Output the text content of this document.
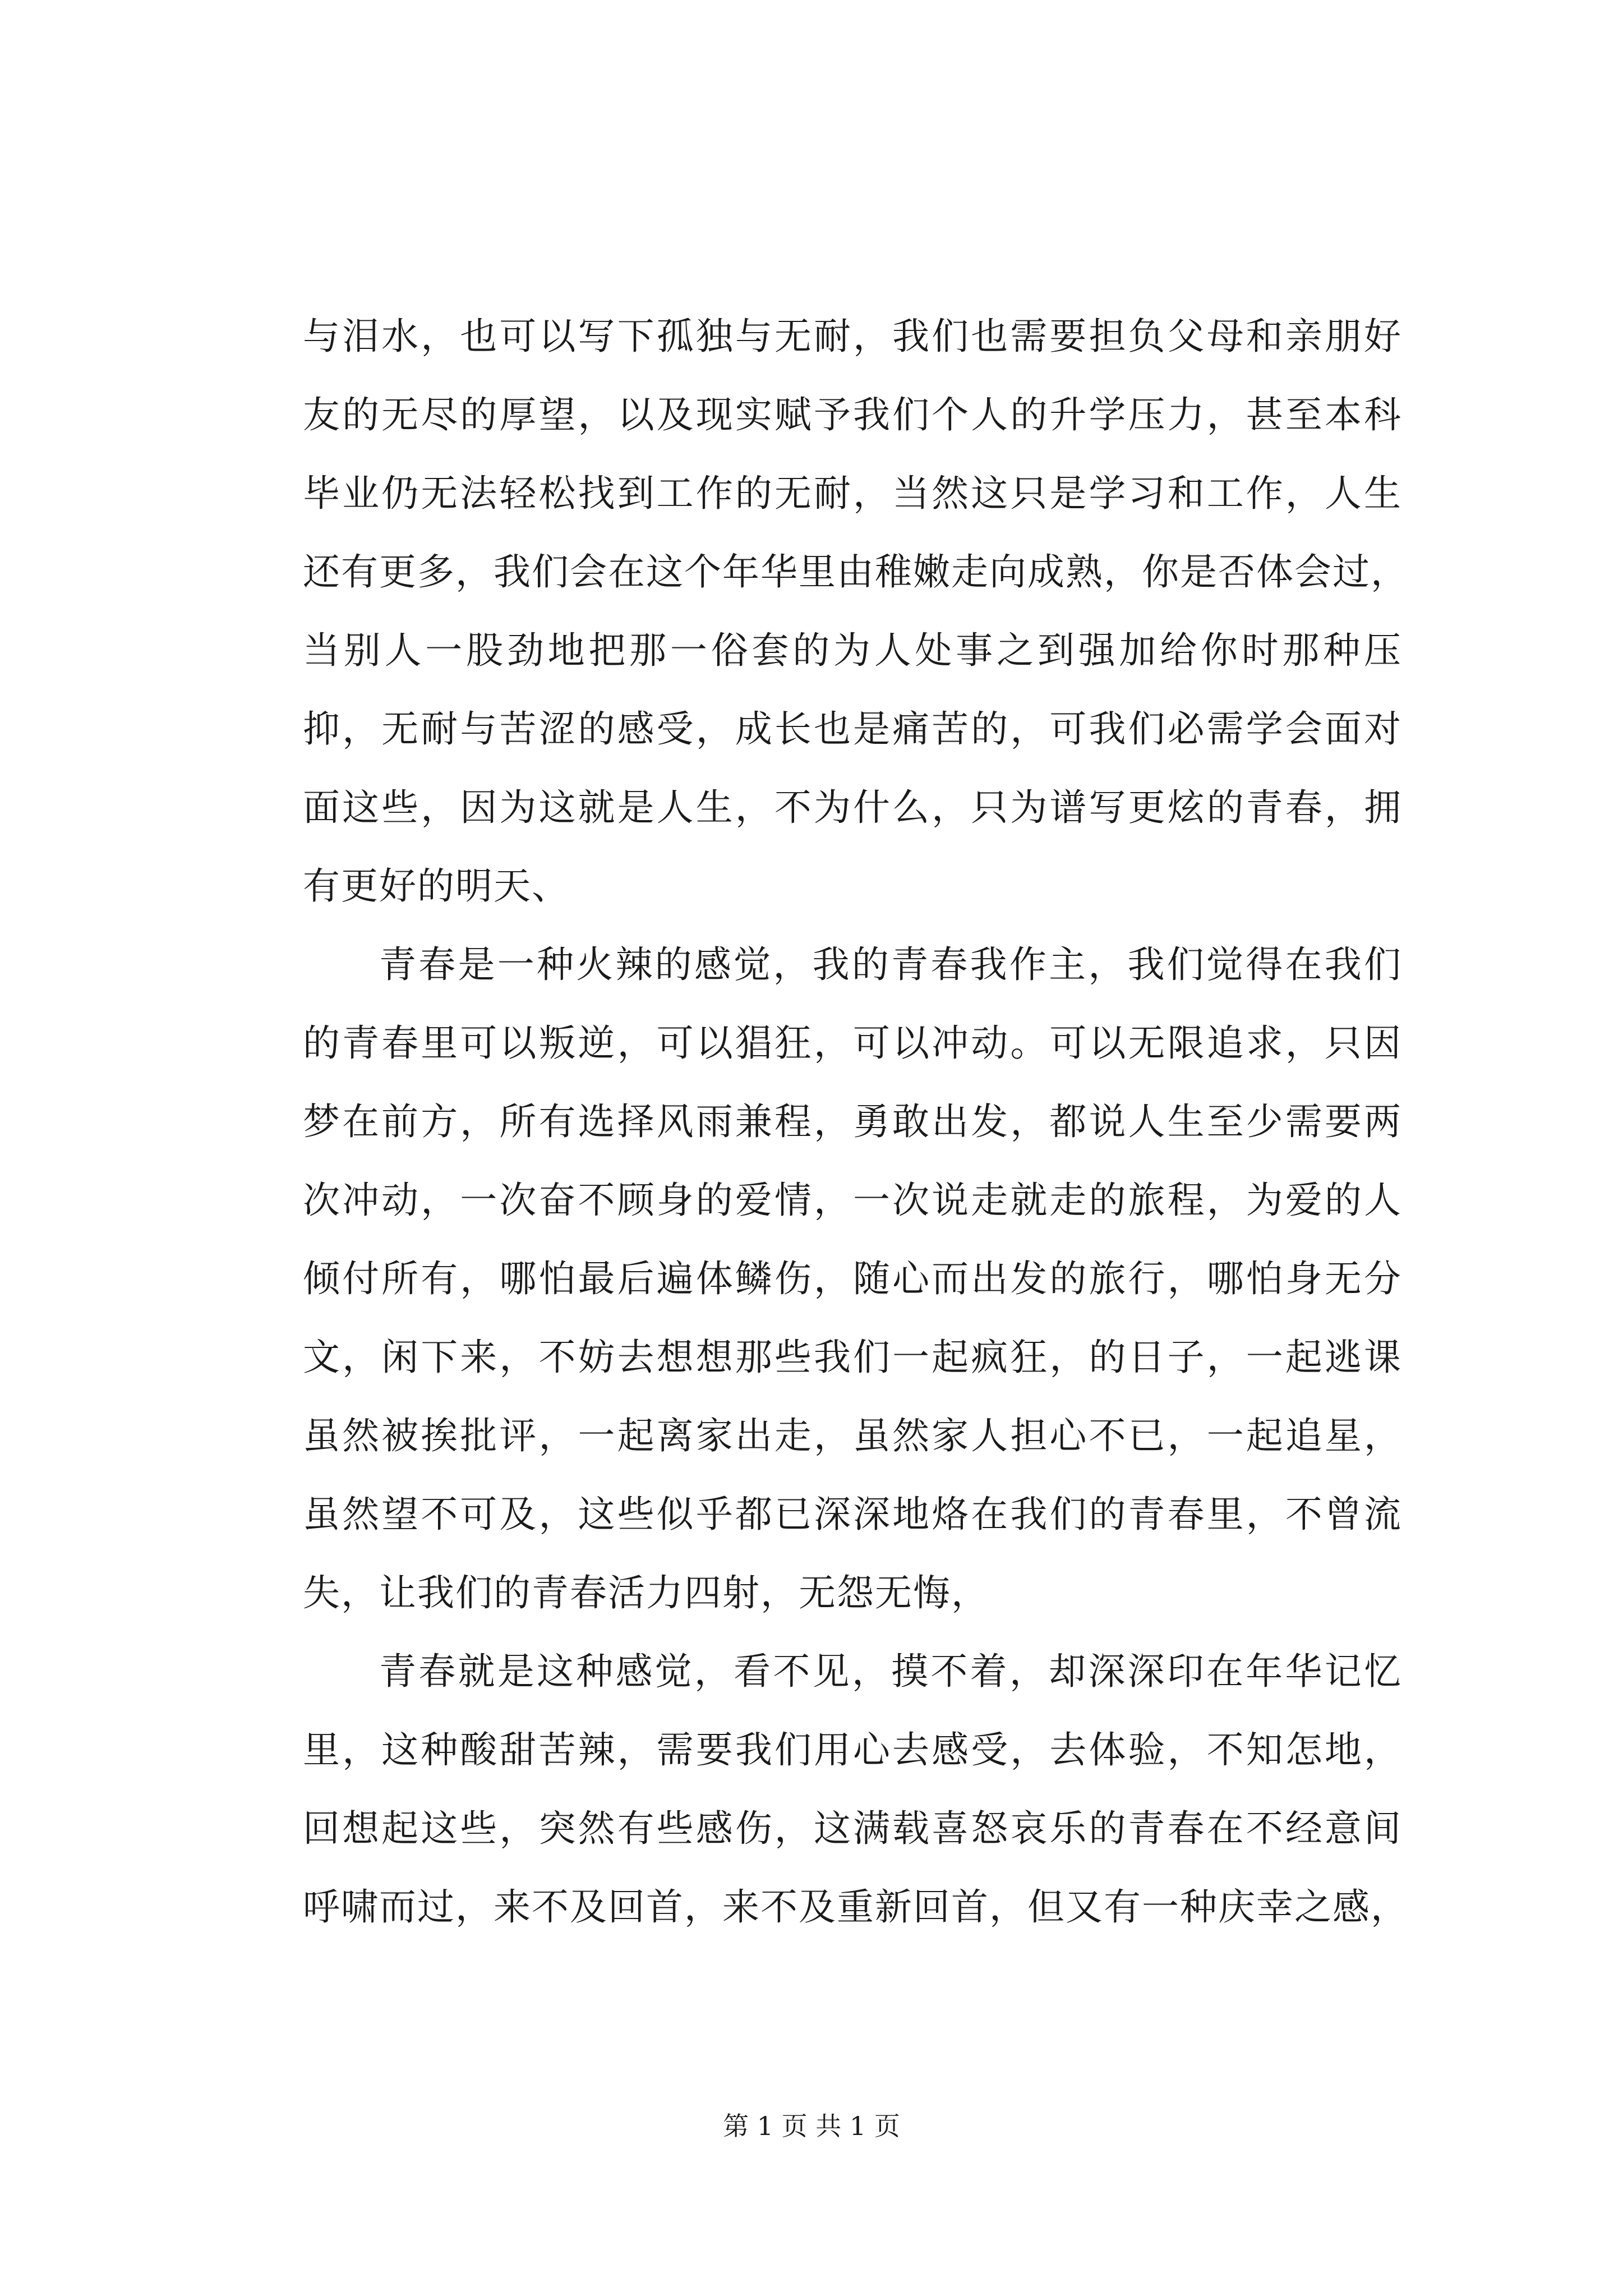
与泪水，也可以写下孤独与无耐，我们也需要担负父母和亲朋好
友的无尽的厚望，以及现实赋予我们个人的升学压力，甚至本科
毕业仍无法轻松找到工作的无耐，当然这只是学习和工作，人生
还有更多，我们会在这个年华里由稚嫩走向成熟，你是否体会过，
当别人一股劲地把那一俗套的为人处事之到强加给你时那种压
抑，无耐与苦涩的感受，成长也是痛苦的，可我们必需学会面对
面这些，因为这就是人生，不为什么，只为谱写更炫的青春，拥
有更好的明天、
青春是一种火辣的感觉，我的青春我作主，我们觉得在我们
的青春里可以叛逆，可以猖狂，可以冲动。可以无限追求，只因
梦在前方，所有选择风雨兼程，勇敢出发，都说人生至少需要两
次冲动，一次奋不顾身的爱情，一次说走就走的旅程，为爱的人
倾付所有，哪怕最后遍体鳞伤，随心而出发的旅行，哪怕身无分
文，闲下来，不妨去想想那些我们一起疯狂，的日子，一起逃课
虽然被挨批评，一起离家出走，虽然家人担心不已，一起追星，
虽然望不可及，这些似乎都已深深地烙在我们的青春里，不曾流
失，让我们的青春活力四射，无怨无悔，
青春就是这种感觉，看不见，摸不着，却深深印在年华记忆
里，这种酸甜苦辣，需要我们用心去感受，去体验，不知怎地，
回想起这些，突然有些感伤，这满载喜怒哀乐的青春在不经意间
呼啸而过，来不及回首，来不及重新回首，但又有一种庆幸之感，
第 1 页 共 1 页
